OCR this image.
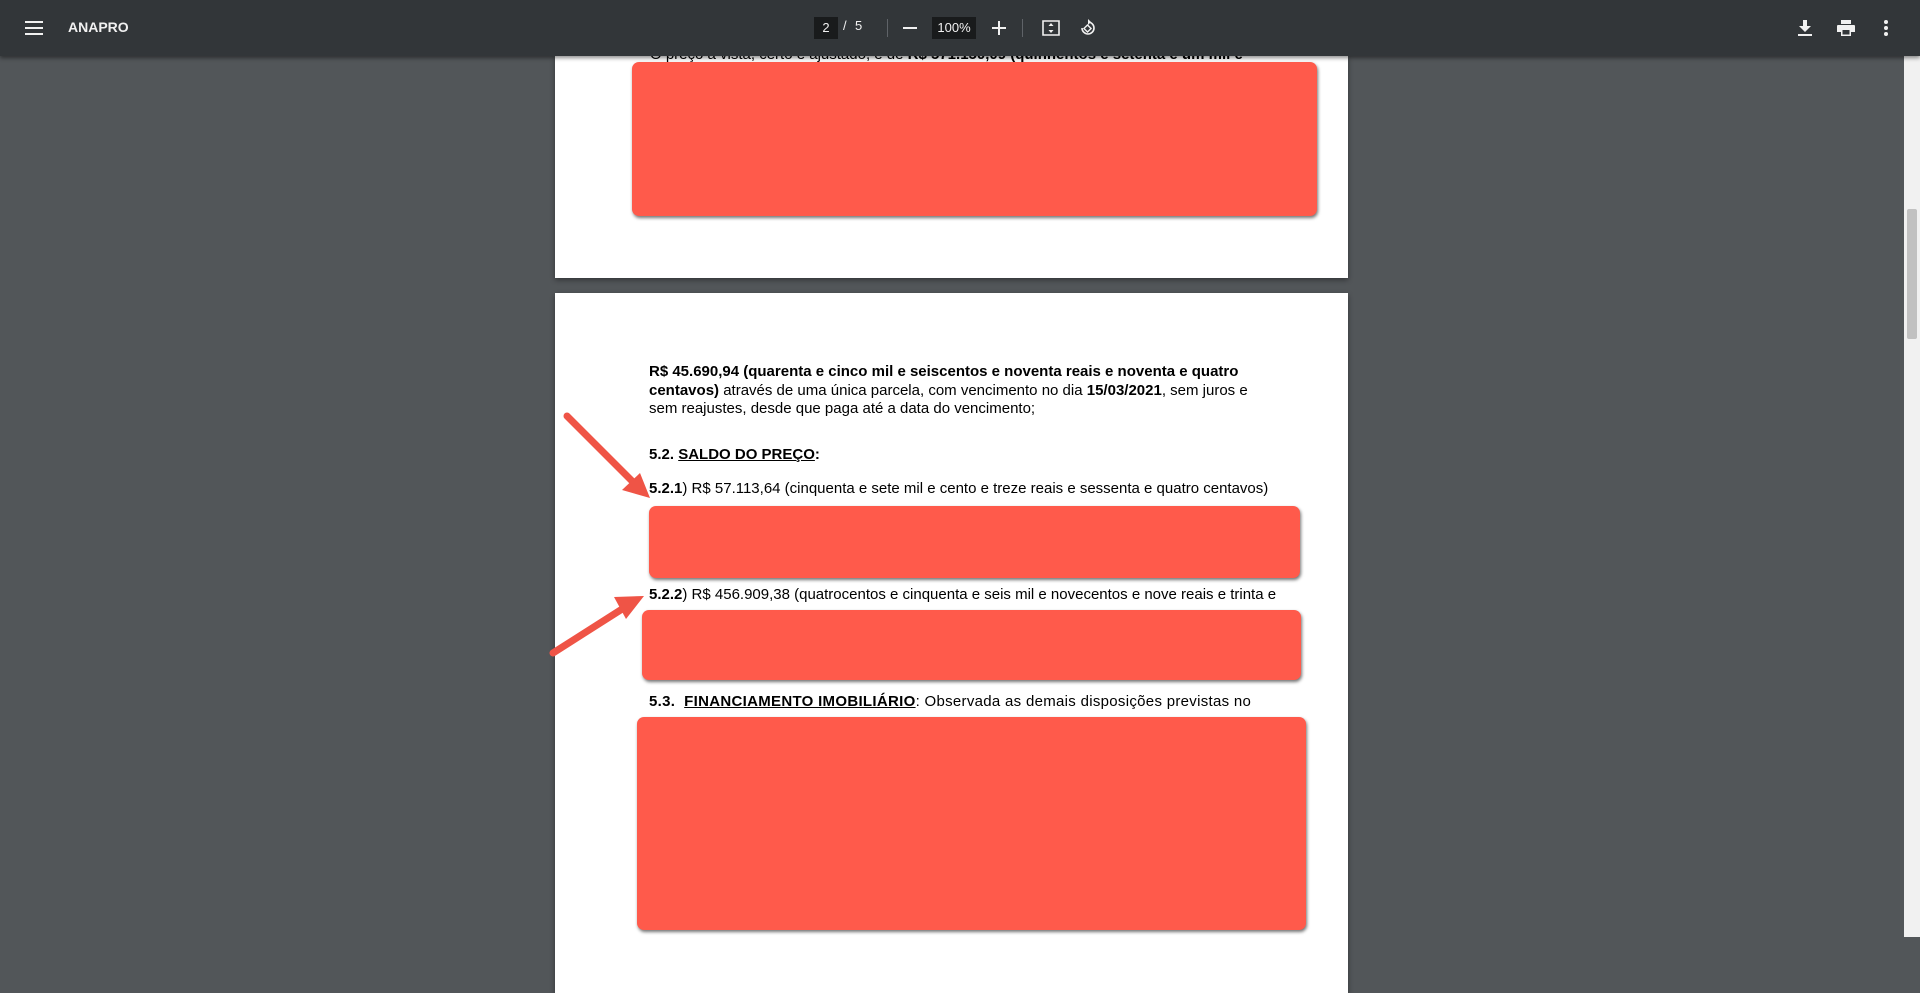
ANAPRO	2	/ 5	100%
R$ 45.690,94 (quarenta e cinco mil e seiscentos e noventa reais e noventa e quatro
centavos) através de uma única parcela, com vencimento no dia 15/03/2021, sem juros e
sem reajustes, desde que paga até a data do vencimento;
5.2. SALDO DO PREÇO:
5.2.1) R$ 57.113,64 (cinquenta e sete mil e cento e treze reais e sessenta e quatro centavos)
5.2.2) R$ 456.909,38 (quatrocentos e cinquenta e seis mil e novecentos e nove reais e trinta e
5.3. FINANCIAMENTO IMOBILIÁRIO: Observada as demais disposições previstas no
